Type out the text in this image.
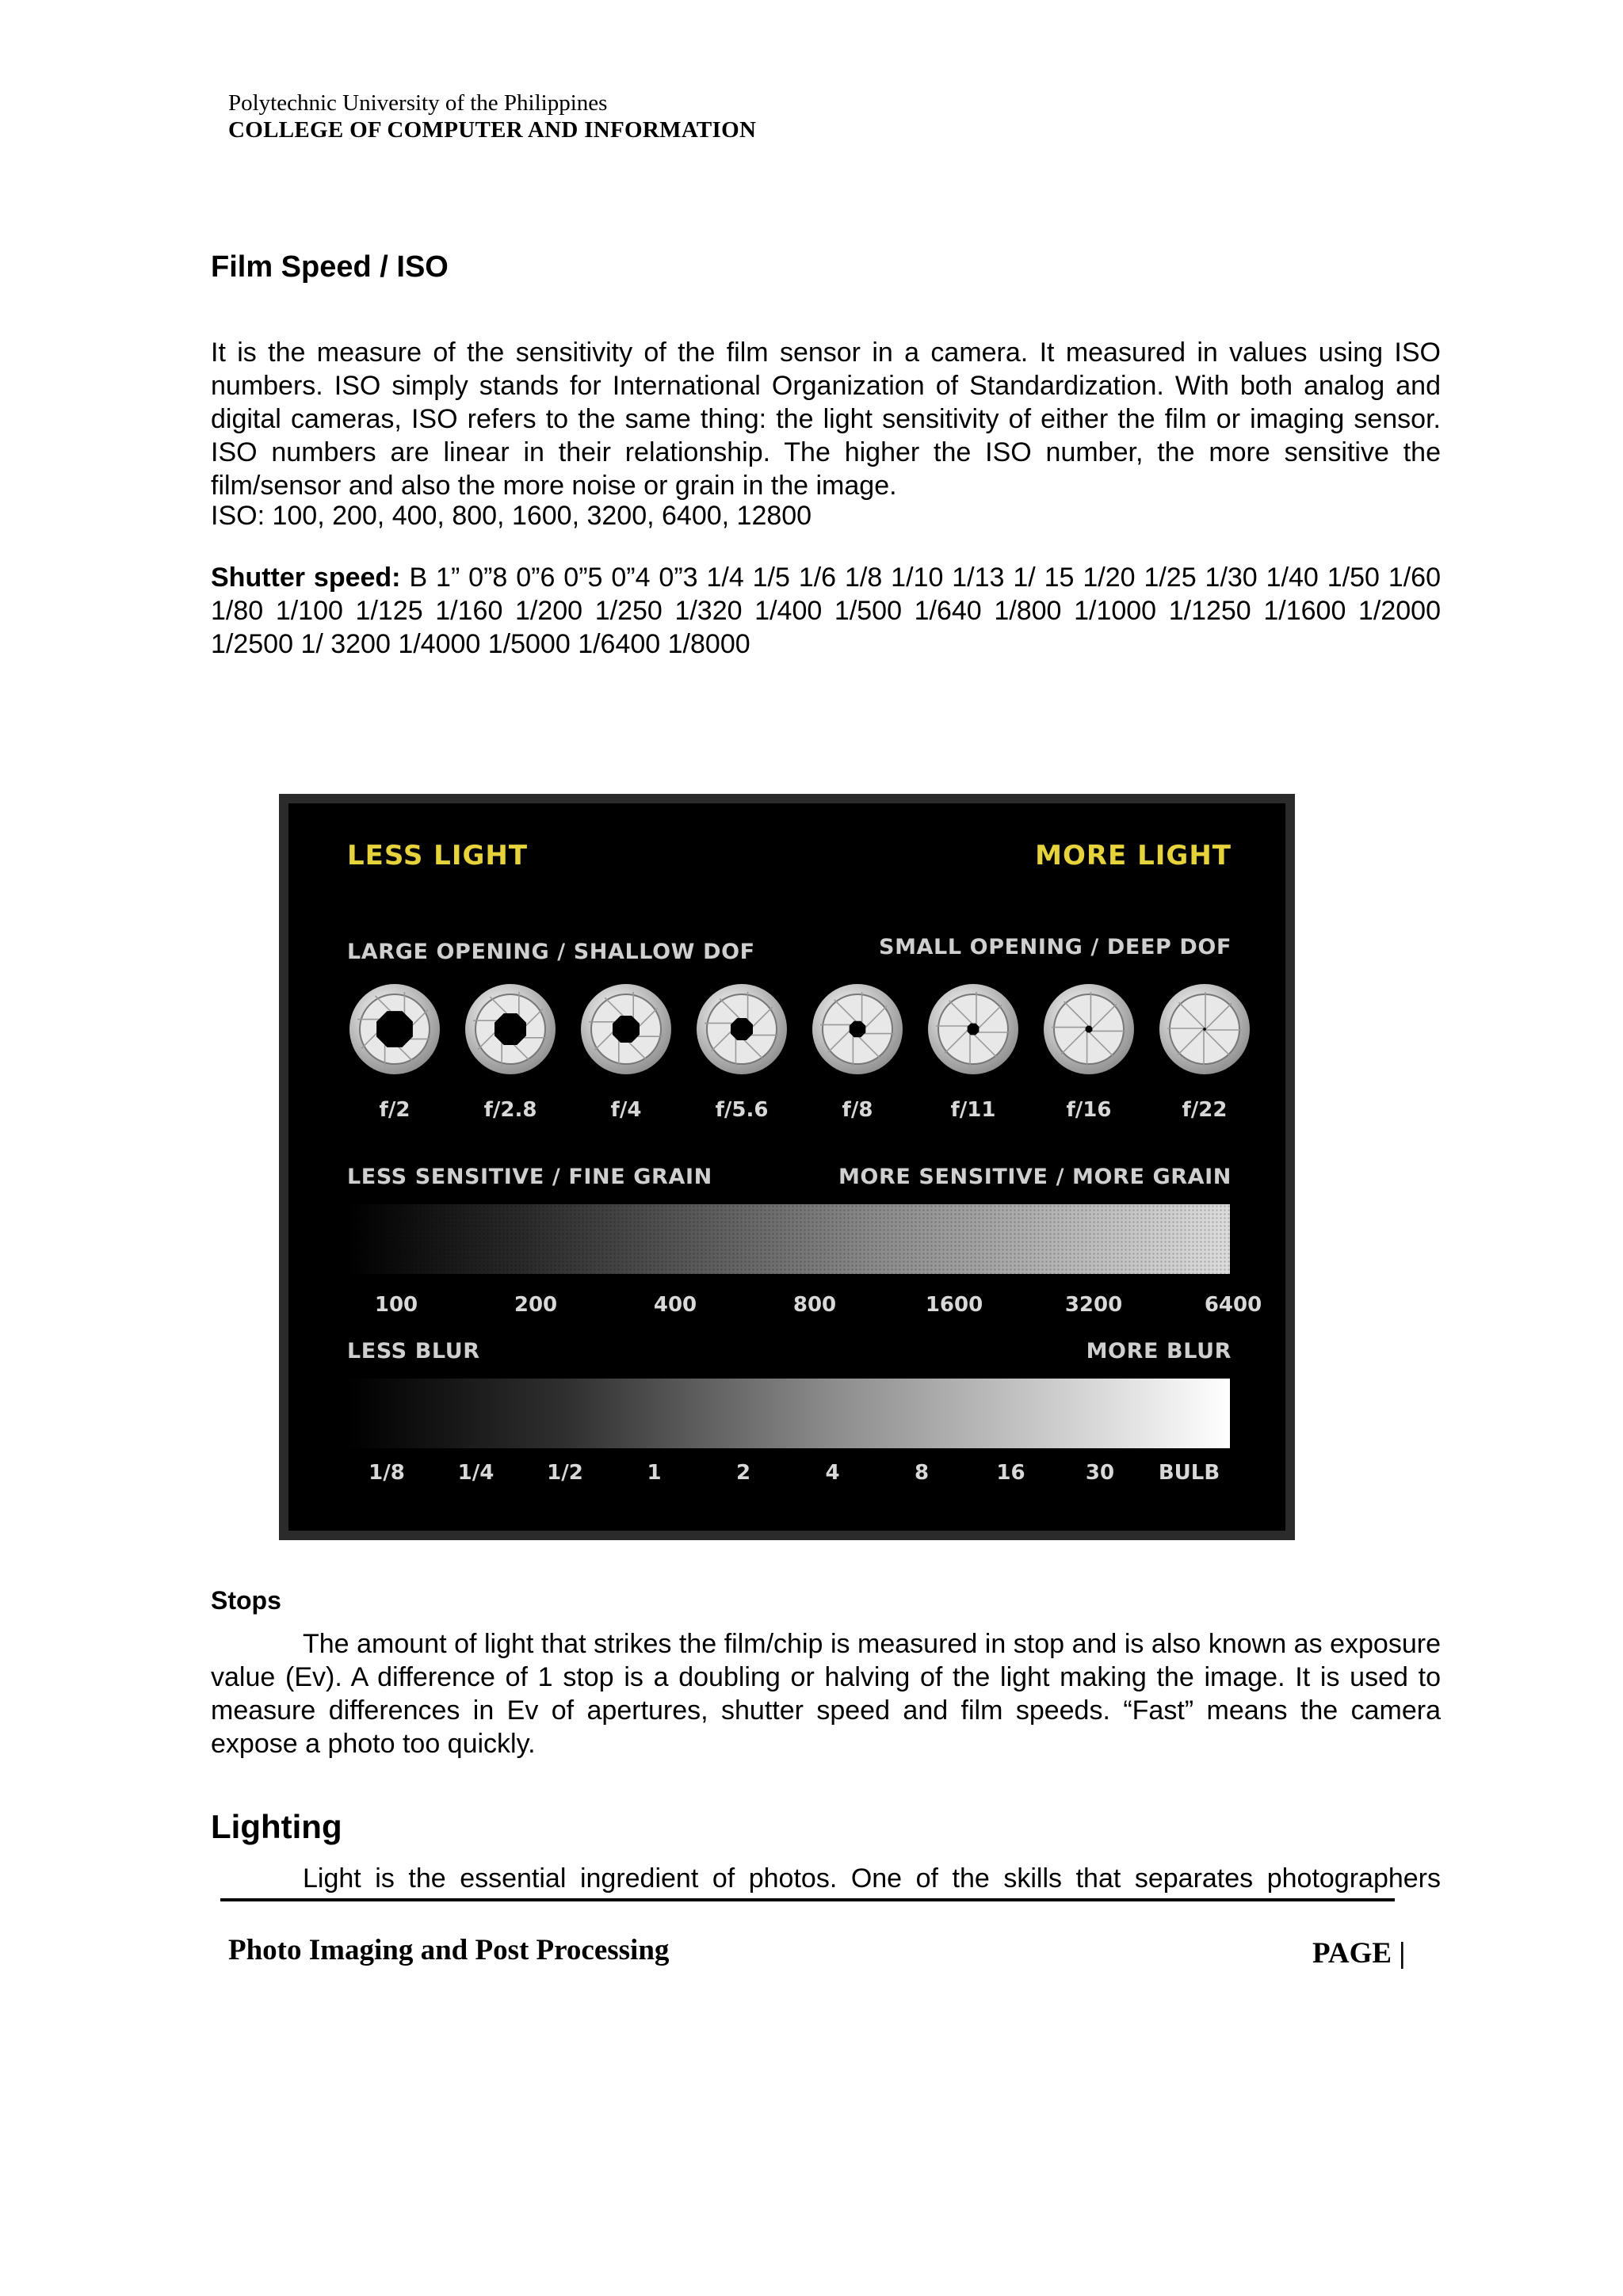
Polytechnic University of the Philippines
COLLEGE OF COMPUTER AND INFORMATION
Film Speed / ISO

It is the measure of the sensitivity of the film sensor in a camera. It measured in values using ISO numbers. ISO simply stands for International Organization of Standardization. With both analog and digital cameras, ISO refers to the same thing: the light sensitivity of either the film or imaging sensor. ISO numbers are linear in their relationship. The higher the ISO number, the more sensitive the film/sensor and also the more noise or grain in the image.

ISO: 100, 200, 400, 800, 1600, 3200, 6400, 12800

Shutter speed: B 1” 0”8 0”6 0”5 0”4 0”3 1/4 1/5 1/6 1/8 1/10 1/13 1/ 15 1/20 1/25 1/30 1/40 1/50 1/60 1/80 1/100 1/125 1/160 1/200 1/250 1/320 1/400 1/500 1/640 1/800 1/1000 1/1250 1/1600 1/2000 1/2500 1/ 3200 1/4000 1/5000 1/6400 1/8000

LESS LIGHT	MORE LIGHT
LARGE OPENING / SHALLOW DOF	SMALL OPENING / DEEP DOF
LESS SENSITIVE / FINE GRAIN	MORE SENSITIVE / MORE GRAIN
LESS BLUR	MORE BLUR
f/2	f/2.8	f/4	f/5.6	f/8	f/11	f/16	f/22
100	200	400	800	1600	3200	6400
1/8	1/4	1/2	1	2	4	8	16	30 BULB
Stops

The amount of light that strikes the film/chip is measured in stop and is also known as exposure value (Ev). A difference of 1 stop is a doubling or halving of the light making the image. It is used to measure differences in Ev of apertures, shutter speed and film speeds. “Fast” means the camera expose a photo too quickly.

Lighting

Light is the essential ingredient of photos. One of the skills that separates photographers

Photo Imaging and Post Processing	PAGE |
